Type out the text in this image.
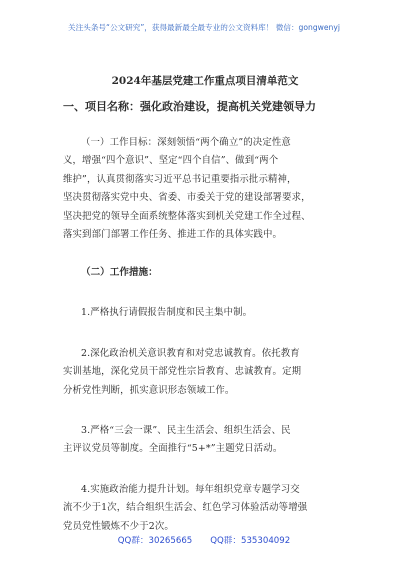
关注头条号“公文研究”，获得最新最全最专业的公文资料库！ 微信：gongwenyj
2024年基层党建工作重点项目清单范文
一、项目名称：强化政治建设，提高机关党建领导力
（一）工作目标：深刻领悟“两个确立”的决定性意
义，增强“四个意识”、坚定“四个自信”、做到“两个
维护”，认真贯彻落实习近平总书记重要指示批示精神，
坚决贯彻落实党中央、省委、市委关于党的建设部署要求，
坚决把党的领导全面系统整体落实到机关党建工作全过程、
落实到部门部署工作任务、推进工作的具体实践中。
（二）工作措施：
1.严格执行请假报告制度和民主集中制。
2.深化政治机关意识教育和对党忠诚教育。依托教育
实训基地，深化党员干部党性宗旨教育、忠诚教育。定期
分析党性判断，抓实意识形态领域工作。
3.严格“三会一课”、民主生活会、组织生活会、民
主评议党员等制度。全面推行“5+*”主题党日活动。
4.实施政治能力提升计划。每年组织党章专题学习交
流不少于1次，结合组织生活会、红色学习体验活动等增强
党员党性锻炼不少于2次。
QQ群：30265665 QQ群：535304092
